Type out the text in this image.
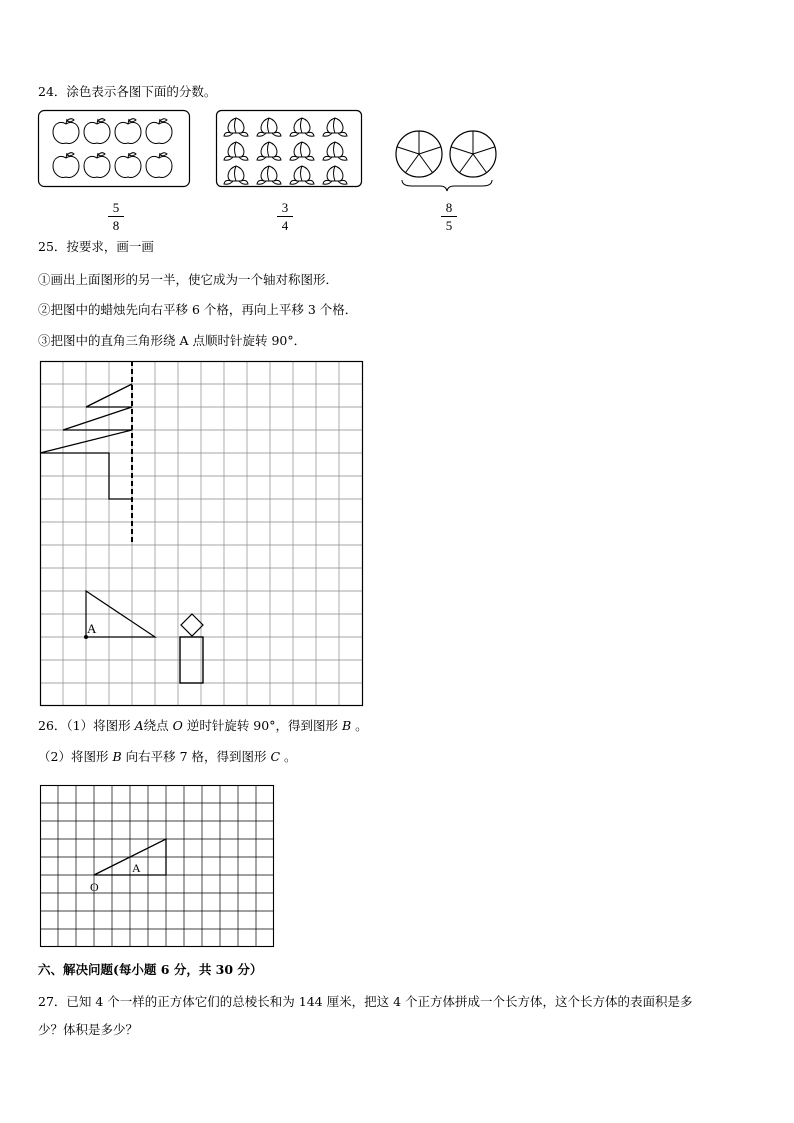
24．涂色表示各图下面的分数。
5
8
3
4
8
5
25．按要求，画一画
①画出上面图形的另一半，使它成为一个轴对称图形．
②把图中的蜡烛先向右平移 6 个格，再向上平移 3 个格．
③把图中的直角三角形绕 A 点顺时针旋转 90°．
A
26．（1）将图形 A绕点 O 逆时针旋转 90°，得到图形 B 。
（2）将图形 B 向右平移 7 格，得到图形 C 。
A
O
六、解决问题(每小题 6 分，共 30 分）
27．已知 4 个一样的正方体它们的总棱长和为 144 厘米，把这 4 个正方体拼成一个长方体，这个长方体的表面积是多
少？体积是多少？
